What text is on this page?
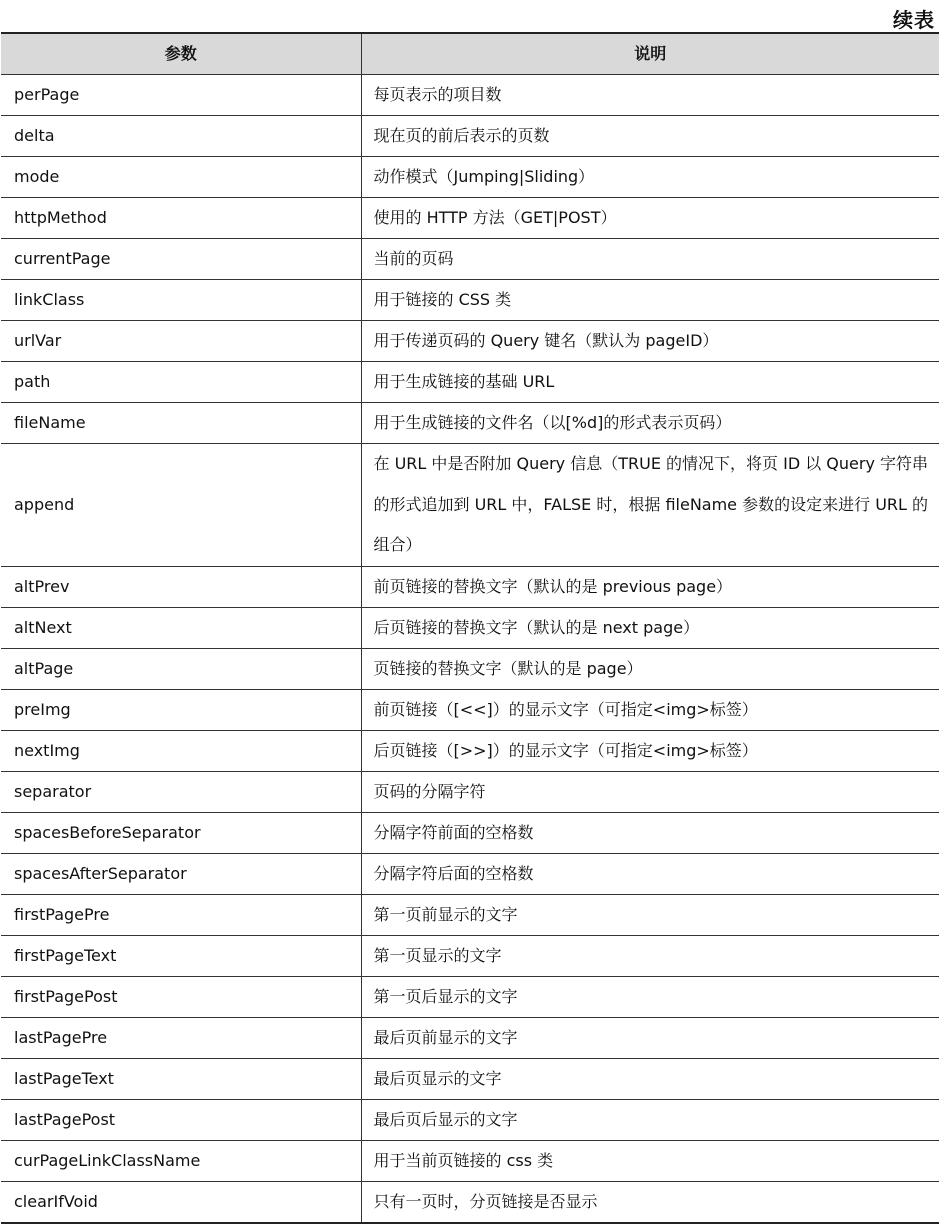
续表
参数	说明
perPage	每页表示的项目数
delta	现在页的前后表示的页数
mode	动作模式（Jumping|Sliding）
httpMethod	使用的 HTTP 方法（GET|POST）
currentPage	当前的页码
linkClass	用于链接的 CSS 类
urlVar	用于传递页码的 Query 键名（默认为 pageID）
path	用于生成链接的基础 URL
fileName	用于生成链接的文件名（以[%d]的形式表示页码）
append	在 URL 中是否附加 Query 信息（TRUE 的情况下，将页 ID 以 Query 字符串的形式追加到 URL 中，FALSE 时，根据 fileName 参数的设定来进行 URL 的组合）
altPrev	前页链接的替换文字（默认的是 previous page）
altNext	后页链接的替换文字（默认的是 next page）
altPage	页链接的替换文字（默认的是 page）
preImg	前页链接（[<<]）的显示文字（可指定<img>标签）
nextImg	后页链接（[>>]）的显示文字（可指定<img>标签）
separator	页码的分隔字符
spacesBeforeSeparator	分隔字符前面的空格数
spacesAfterSeparator	分隔字符后面的空格数
firstPagePre	第一页前显示的文字
firstPageText	第一页显示的文字
firstPagePost	第一页后显示的文字
lastPagePre	最后页前显示的文字
lastPageText	最后页显示的文字
lastPagePost	最后页后显示的文字
curPageLinkClassName	用于当前页链接的 css 类
clearIfVoid	只有一页时，分页链接是否显示
